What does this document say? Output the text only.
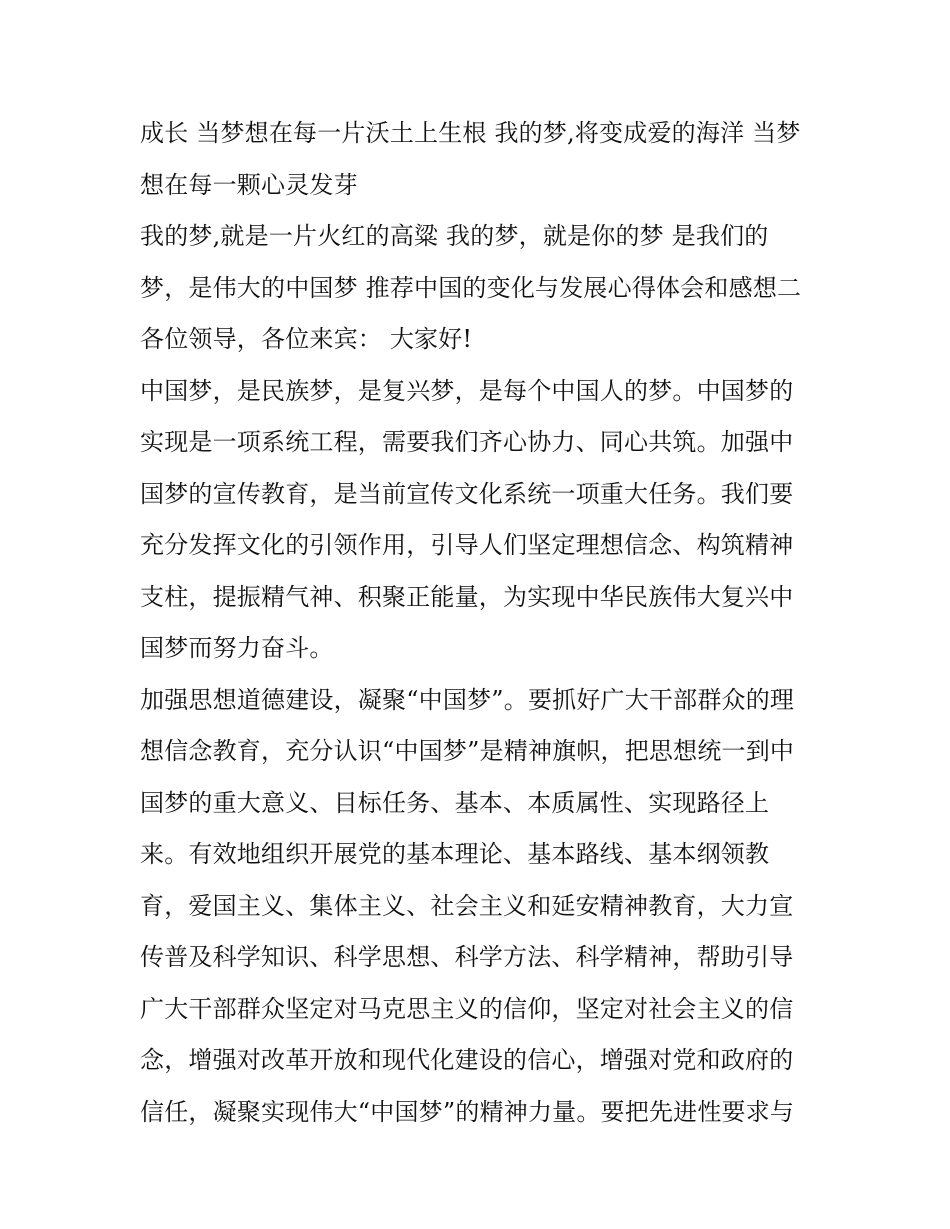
成长 当梦想在每一片沃土上生根 我的梦,将变成爱的海洋 当梦想在每一颗心灵发芽

我的梦,就是一片火红的高粱 我的梦，就是你的梦 是我们的梦，是伟大的中国梦 推荐中国的变化与发展心得体会和感想二 各位领导，各位来宾： 大家好!

中国梦，是民族梦，是复兴梦，是每个中国人的梦。中国梦的实现是一项系统工程，需要我们齐心协力、同心共筑。加强中国梦的宣传教育，是当前宣传文化系统一项重大任务。我们要充分发挥文化的引领作用，引导人们坚定理想信念、构筑精神支柱，提振精气神、积聚正能量，为实现中华民族伟大复兴中国梦而努力奋斗。

加强思想道德建设，凝聚“中国梦”。要抓好广大干部群众的理想信念教育，充分认识“中国梦”是精神旗帜，把思想统一到中国梦的重大意义、目标任务、基本、本质属性、实现路径上来。有效地组织开展党的基本理论、基本路线、基本纲领教育，爱国主义、集体主义、社会主义和延安精神教育，大力宣传普及科学知识、科学思想、科学方法、科学精神，帮助引导广大干部群众坚定对马克思主义的信仰，坚定对社会主义的信念，增强对改革开放和现代化建设的信心，增强对党和政府的信任，凝聚实现伟大“中国梦”的精神力量。要把先进性要求与
